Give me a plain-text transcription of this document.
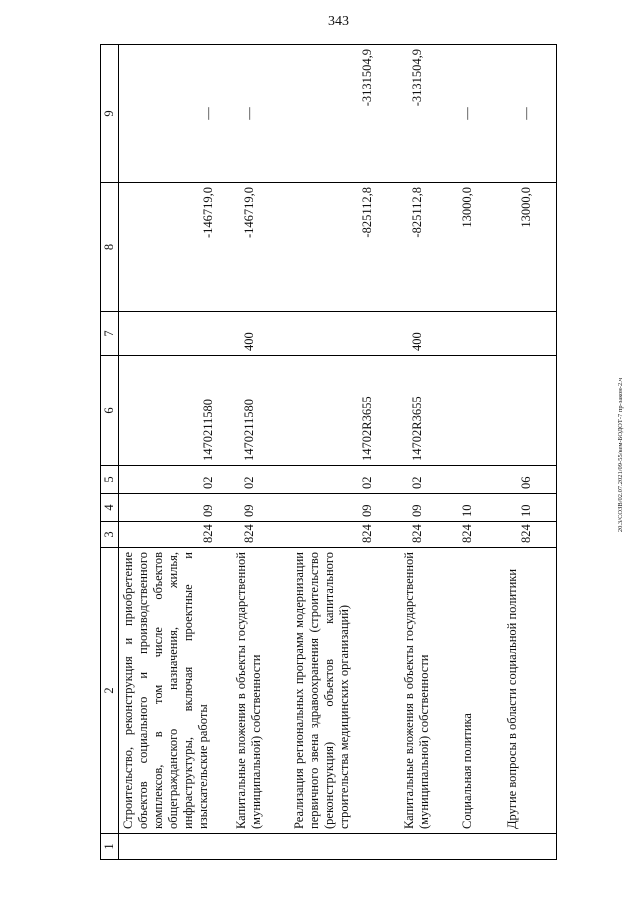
343
20.3/СОЗВ/02.07.2021/09-55/кем-БОДОТ-7 пр-закон-2.ч
1	2	3	4	5	6	7	8	9
	Строительство, реконструкция и приобретение объектов социального и производственного комплексов, в том числе объектов общегражданского назначения, жилья, инфраструктуры, включая проектные и изыскательские работы	824	09	02	1470211580		-146719,0	—

	Капитальные вложения в объекты государственной (муниципальной) собственности	824	09	02	1470211580	400	-146719,0	—

	Реализация региональных программ модернизации первичного звена здравоохранения (строительство (реконструкция) объектов капитального строительства медицинских организаций)	824	09	02	14702R3655		-825112,8	-3131504,9

	Капитальные вложения в объекты государственной (муниципальной) собственности	824	09	02	14702R3655	400	-825112,8	-3131504,9

	Социальная политика	824	10				13000,0	—

	Другие вопросы в области социальной политики	824	10	06			13000,0	—
